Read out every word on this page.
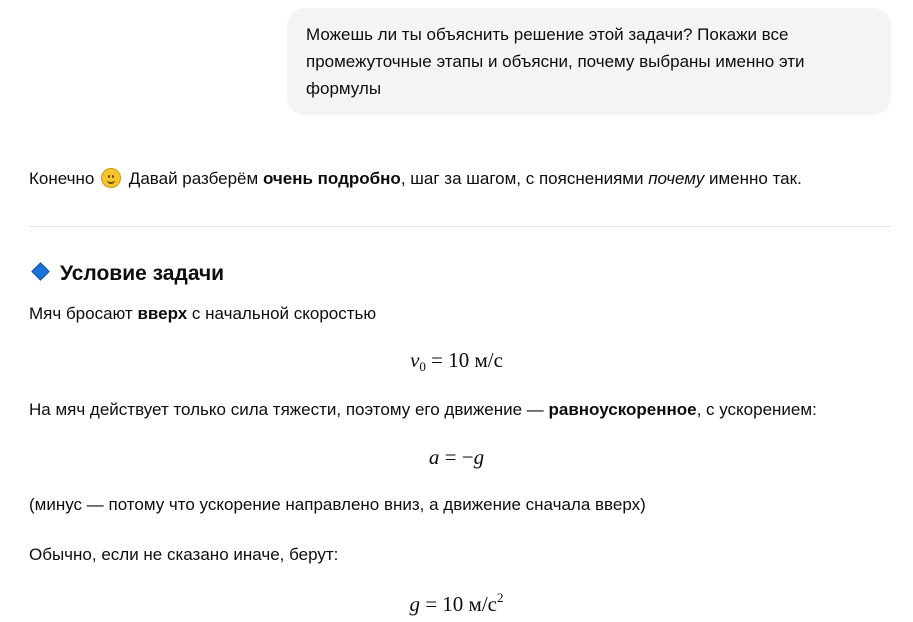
Можешь ли ты объяснить решение этой задачи? Покажи все промежуточные этапы и объясни, почему выбраны именно эти формулы
Конечно
Давай разберём очень подробно, шаг за шагом, с пояснениями почему именно так.
Условие задачи
Мяч бросают вверх с начальной скоростью
$v_0 = 10$ м/с
На мяч действует только сила тяжести, поэтому его движение — равноускоренное, с ускорением:
a = −g
(минус — потому что ускорение направлено вниз, а движение сначала вверх)
Обычно, если не сказано иначе, берут:
g = 10 $м/с^2$
